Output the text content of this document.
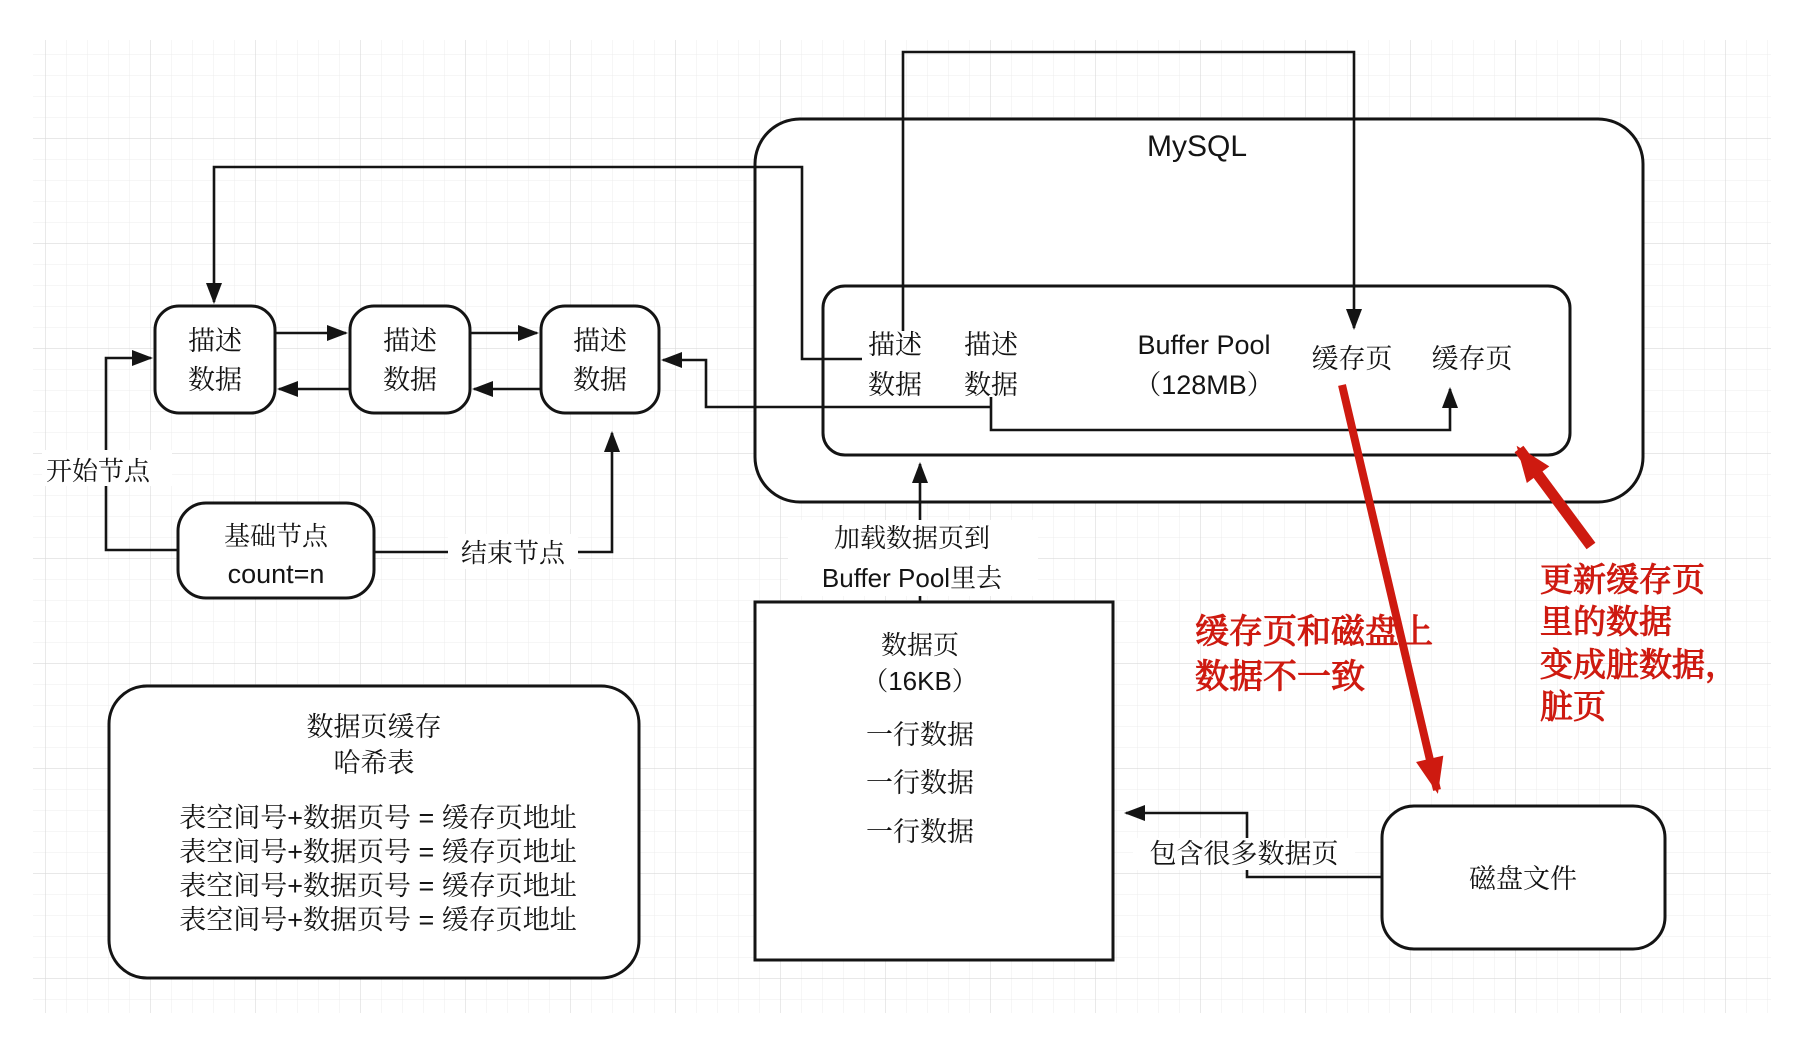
MySQL
描述
数据
描述
数据
描述
数据
开始节点
基础节点
count=n
结束节点
描述
数据
描述
数据
Buffer Pool
（128MB）
缓存页 缓存页
加载数据页到
Buffer Pool里去
数据页
（16KB）
一行数据
一行数据
一行数据
数据页缓存
哈希表
表空间号+数据页号 = 缓存页地址
表空间号+数据页号 = 缓存页地址
表空间号+数据页号 = 缓存页地址
表空间号+数据页号 = 缓存页地址
磁盘文件
包含很多数据页
缓存页和磁盘上
数据不一致
更新缓存页
里的数据
变成脏数据，
脏页
